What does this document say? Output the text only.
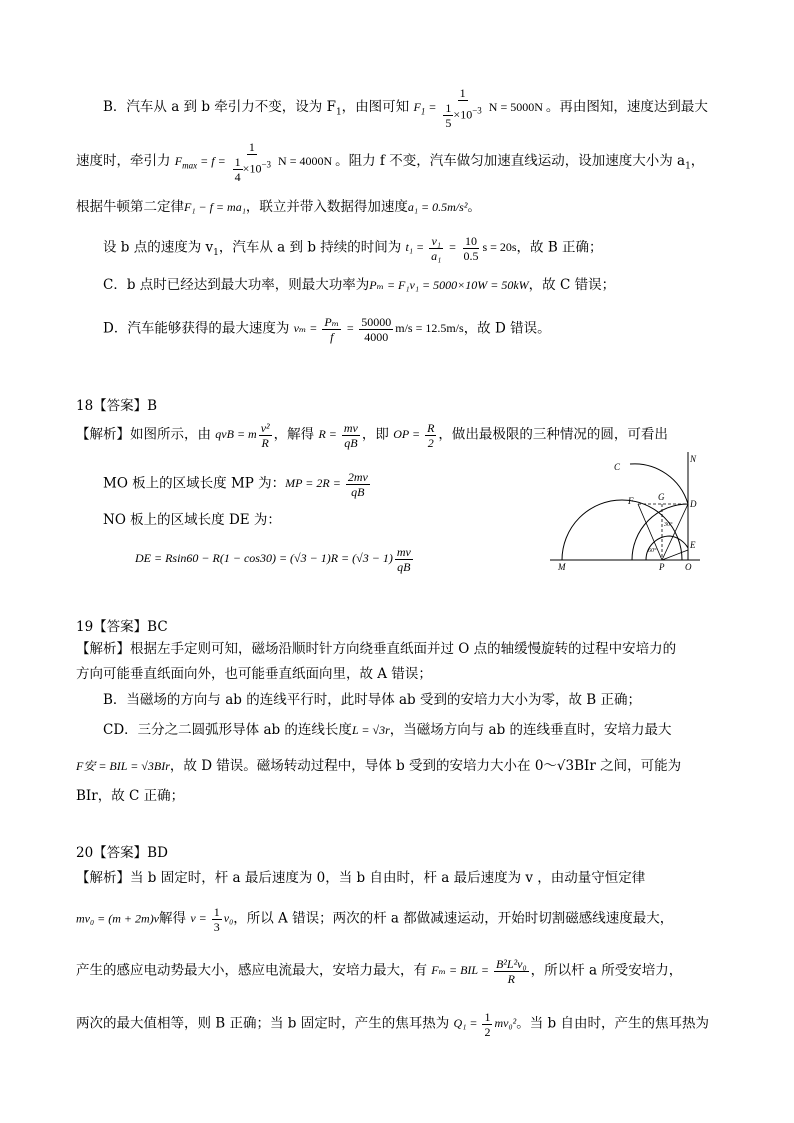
B．汽车从 a 到 b 牵引力不变，设为 $F_1$，由图可知 $F_1 = \frac{1}{\frac{1}{5} \times 10^{-3}}$ N = 5000N 。再由图知，速度达到最大
速度时，牵引力 $F_{max} = f = \frac{1}{\frac{1}{4} \times 10^{-3}}$ N = 4000N 。阻力 f 不变，汽车做匀加速直线运动，设加速度大小为 $a_1$，
根据牛顿第二定律F₁ − f = ma₁，联立并带入数据得加速度a₁ = 0.5m/s²。
设 b 点的速度为 $v_1$，汽车从 a 到 b 持续的时间为 $t_1 = \frac{\text{v₁}}{\text{a₁}} = \frac{10}{0.5}$ s = 20s，故 B 正确；
C．b 点时已经达到最大功率，则最大功率为Pₘ = F₁v₁ = 5000×10W = 50kW，故 C 错误；
D．汽车能够获得的最大速度为 $v_m = \frac{\text{Pₘ}}{f} = \frac{50000}{4000} m/s = 12.5m/s$，故 D 错误。
18【答案】B
【解析】如图所示，由 qvB = m $\frac{\text{v²}}{R}$ ，解得 $R = \frac{mv}{qB}$ ，即 OP = $\frac{R}{2}$ ，做出最极限的三种情况的圆，可看出
MO 板上的区域长度 MP 为：MP = $2R = \frac{2mv}{qB}$
NO 板上的区域长度 DE 为：
DE = $Rsin60 - R(1 - \cos 30) = (√3 - 1)R = (√3 - 1) \frac{mv}{qB}$
C
N
F	G
D
30°
60°
E
M	P O
19【答案】BC
【解析】根据左手定则可知，磁场沿顺时针方向绕垂直纸面并过 O 点的轴缓慢旋转的过程中安培力的
方向可能垂直纸面向外，也可能垂直纸面向里，故 A 错误；
B．当磁场的方向与 ab 的连线平行时，此时导体 ab 受到的安培力大小为零，故 B 正确；
CD．三分之二圆弧形导体 ab 的连线长度L = √3r，当磁场方向与 ab 的连线垂直时，安培力最大
F安 = BIL = √3BIr，故 D 错误。磁场转动过程中，导体 b 受到的安培力大小在 0～√3BIr 之间，可能为
BIr，故 C 正确；
20【答案】BD
【解析】当 b 固定时，杆 a 最后速度为 0，当 b 自由时，杆 a 最后速度为 v ，由动量守恒定律
mv₀ = (m + 2m)v解得 $v = \frac{1}{3} v_0$，所以 A 错误；两次的杆 a 都做减速运动，开始时切割磁感线速度最大，
产生的感应电动势最大小，感应电流最大，安培力最大，有 Fₘ = BIL = $\frac{\text{B²L²v₀}}{R}$ ，所以杆 a 所受安培力，
两次的最大值相等，则 B 正确；当 b 固定时，产生的焦耳热为 $Q_1 = \frac{1}{2} mv_0^2$。当 b 自由时，产生的焦耳热为
